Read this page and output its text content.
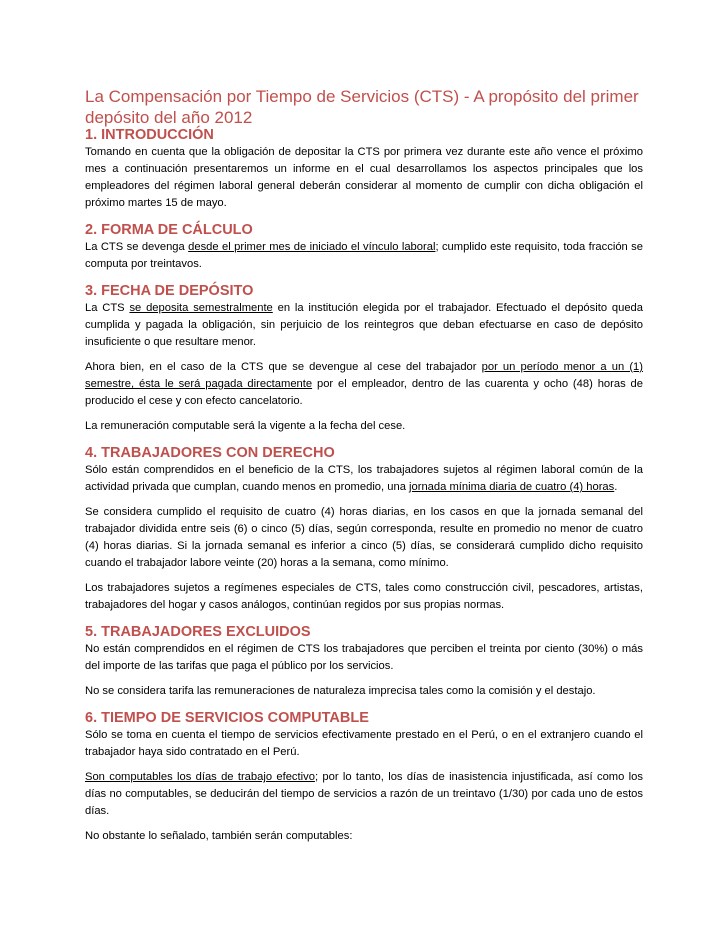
La Compensación por Tiempo de Servicios (CTS) - A propósito del primer depósito del año 2012
1. INTRODUCCIÓN

Tomando en cuenta que la obligación de depositar la CTS por primera vez durante este año vence el próximo mes a continuación presentaremos un informe en el cual desarrollamos los aspectos principales que los empleadores del régimen laboral general deberán considerar al momento de cumplir con dicha obligación el próximo martes 15 de mayo.

2. FORMA DE CÁLCULO

La CTS se devenga desde el primer mes de iniciado el vínculo laboral; cumplido este requisito, toda fracción se computa por treintavos.

3. FECHA DE DEPÓSITO

La CTS se deposita semestralmente en la institución elegida por el trabajador. Efectuado el depósito queda cumplida y pagada la obligación, sin perjuicio de los reintegros que deban efectuarse en caso de depósito insuficiente o que resultare menor.

Ahora bien, en el caso de la CTS que se devengue al cese del trabajador por un período menor a un (1) semestre, ésta le será pagada directamente por el empleador, dentro de las cuarenta y ocho (48) horas de producido el cese y con efecto cancelatorio.

La remuneración computable será la vigente a la fecha del cese.

4. TRABAJADORES CON DERECHO

Sólo están comprendidos en el beneficio de la CTS, los trabajadores sujetos al régimen laboral común de la actividad privada que cumplan, cuando menos en promedio, una jornada mínima diaria de cuatro (4) horas.

Se considera cumplido el requisito de cuatro (4) horas diarias, en los casos en que la jornada semanal del trabajador dividida entre seis (6) o cinco (5) días, según corresponda, resulte en promedio no menor de cuatro (4) horas diarias. Si la jornada semanal es inferior a cinco (5) días, se considerará cumplido dicho requisito cuando el trabajador labore veinte (20) horas a la semana, como mínimo.

Los trabajadores sujetos a regímenes especiales de CTS, tales como construcción civil, pescadores, artistas, trabajadores del hogar y casos análogos, continúan regidos por sus propias normas.

5. TRABAJADORES EXCLUIDOS

No están comprendidos en el régimen de CTS los trabajadores que perciben el treinta por ciento (30%) o más del importe de las tarifas que paga el público por los servicios.

No se considera tarifa las remuneraciones de naturaleza imprecisa tales como la comisión y el destajo.

6. TIEMPO DE SERVICIOS COMPUTABLE

Sólo se toma en cuenta el tiempo de servicios efectivamente prestado en el Perú, o en el extranjero cuando el trabajador haya sido contratado en el Perú.

Son computables los días de trabajo efectivo; por lo tanto, los días de inasistencia injustificada, así como los días no computables, se deducirán del tiempo de servicios a razón de un treintavo (1/30) por cada uno de estos días.

No obstante lo señalado, también serán computables:
